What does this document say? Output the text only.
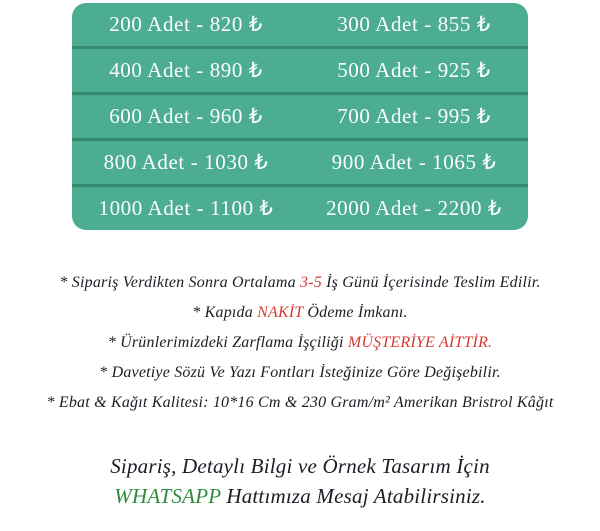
200 Adet - 820 ₺	300 Adet - 855 ₺
400 Adet - 890 ₺	500 Adet - 925 ₺
600 Adet - 960 ₺	700 Adet - 995 ₺
800 Adet - 1030 ₺	900 Adet - 1065 ₺
1000 Adet - 1100 ₺	2000 Adet - 2200 ₺
* Sipariş Verdikten Sonra Ortalama 3-5 İş Günü İçerisinde Teslim Edilir.
* Kapıda NAKİT Ödeme İmkanı.
* Ürünlerimizdeki Zarflama İşçiliği MÜŞTERİYE AİTTİR.
* Davetiye Sözü Ve Yazı Fontları İsteğinize Göre Değişebilir.
* Ebat & Kağıt Kalitesi: 10*16 Cm & 230 Gram/m² Amerikan Bristrol Kâğıt
Sipariş, Detaylı Bilgi ve Örnek Tasarım İçin
WHATSAPP Hattımıza Mesaj Atabilirsiniz.
